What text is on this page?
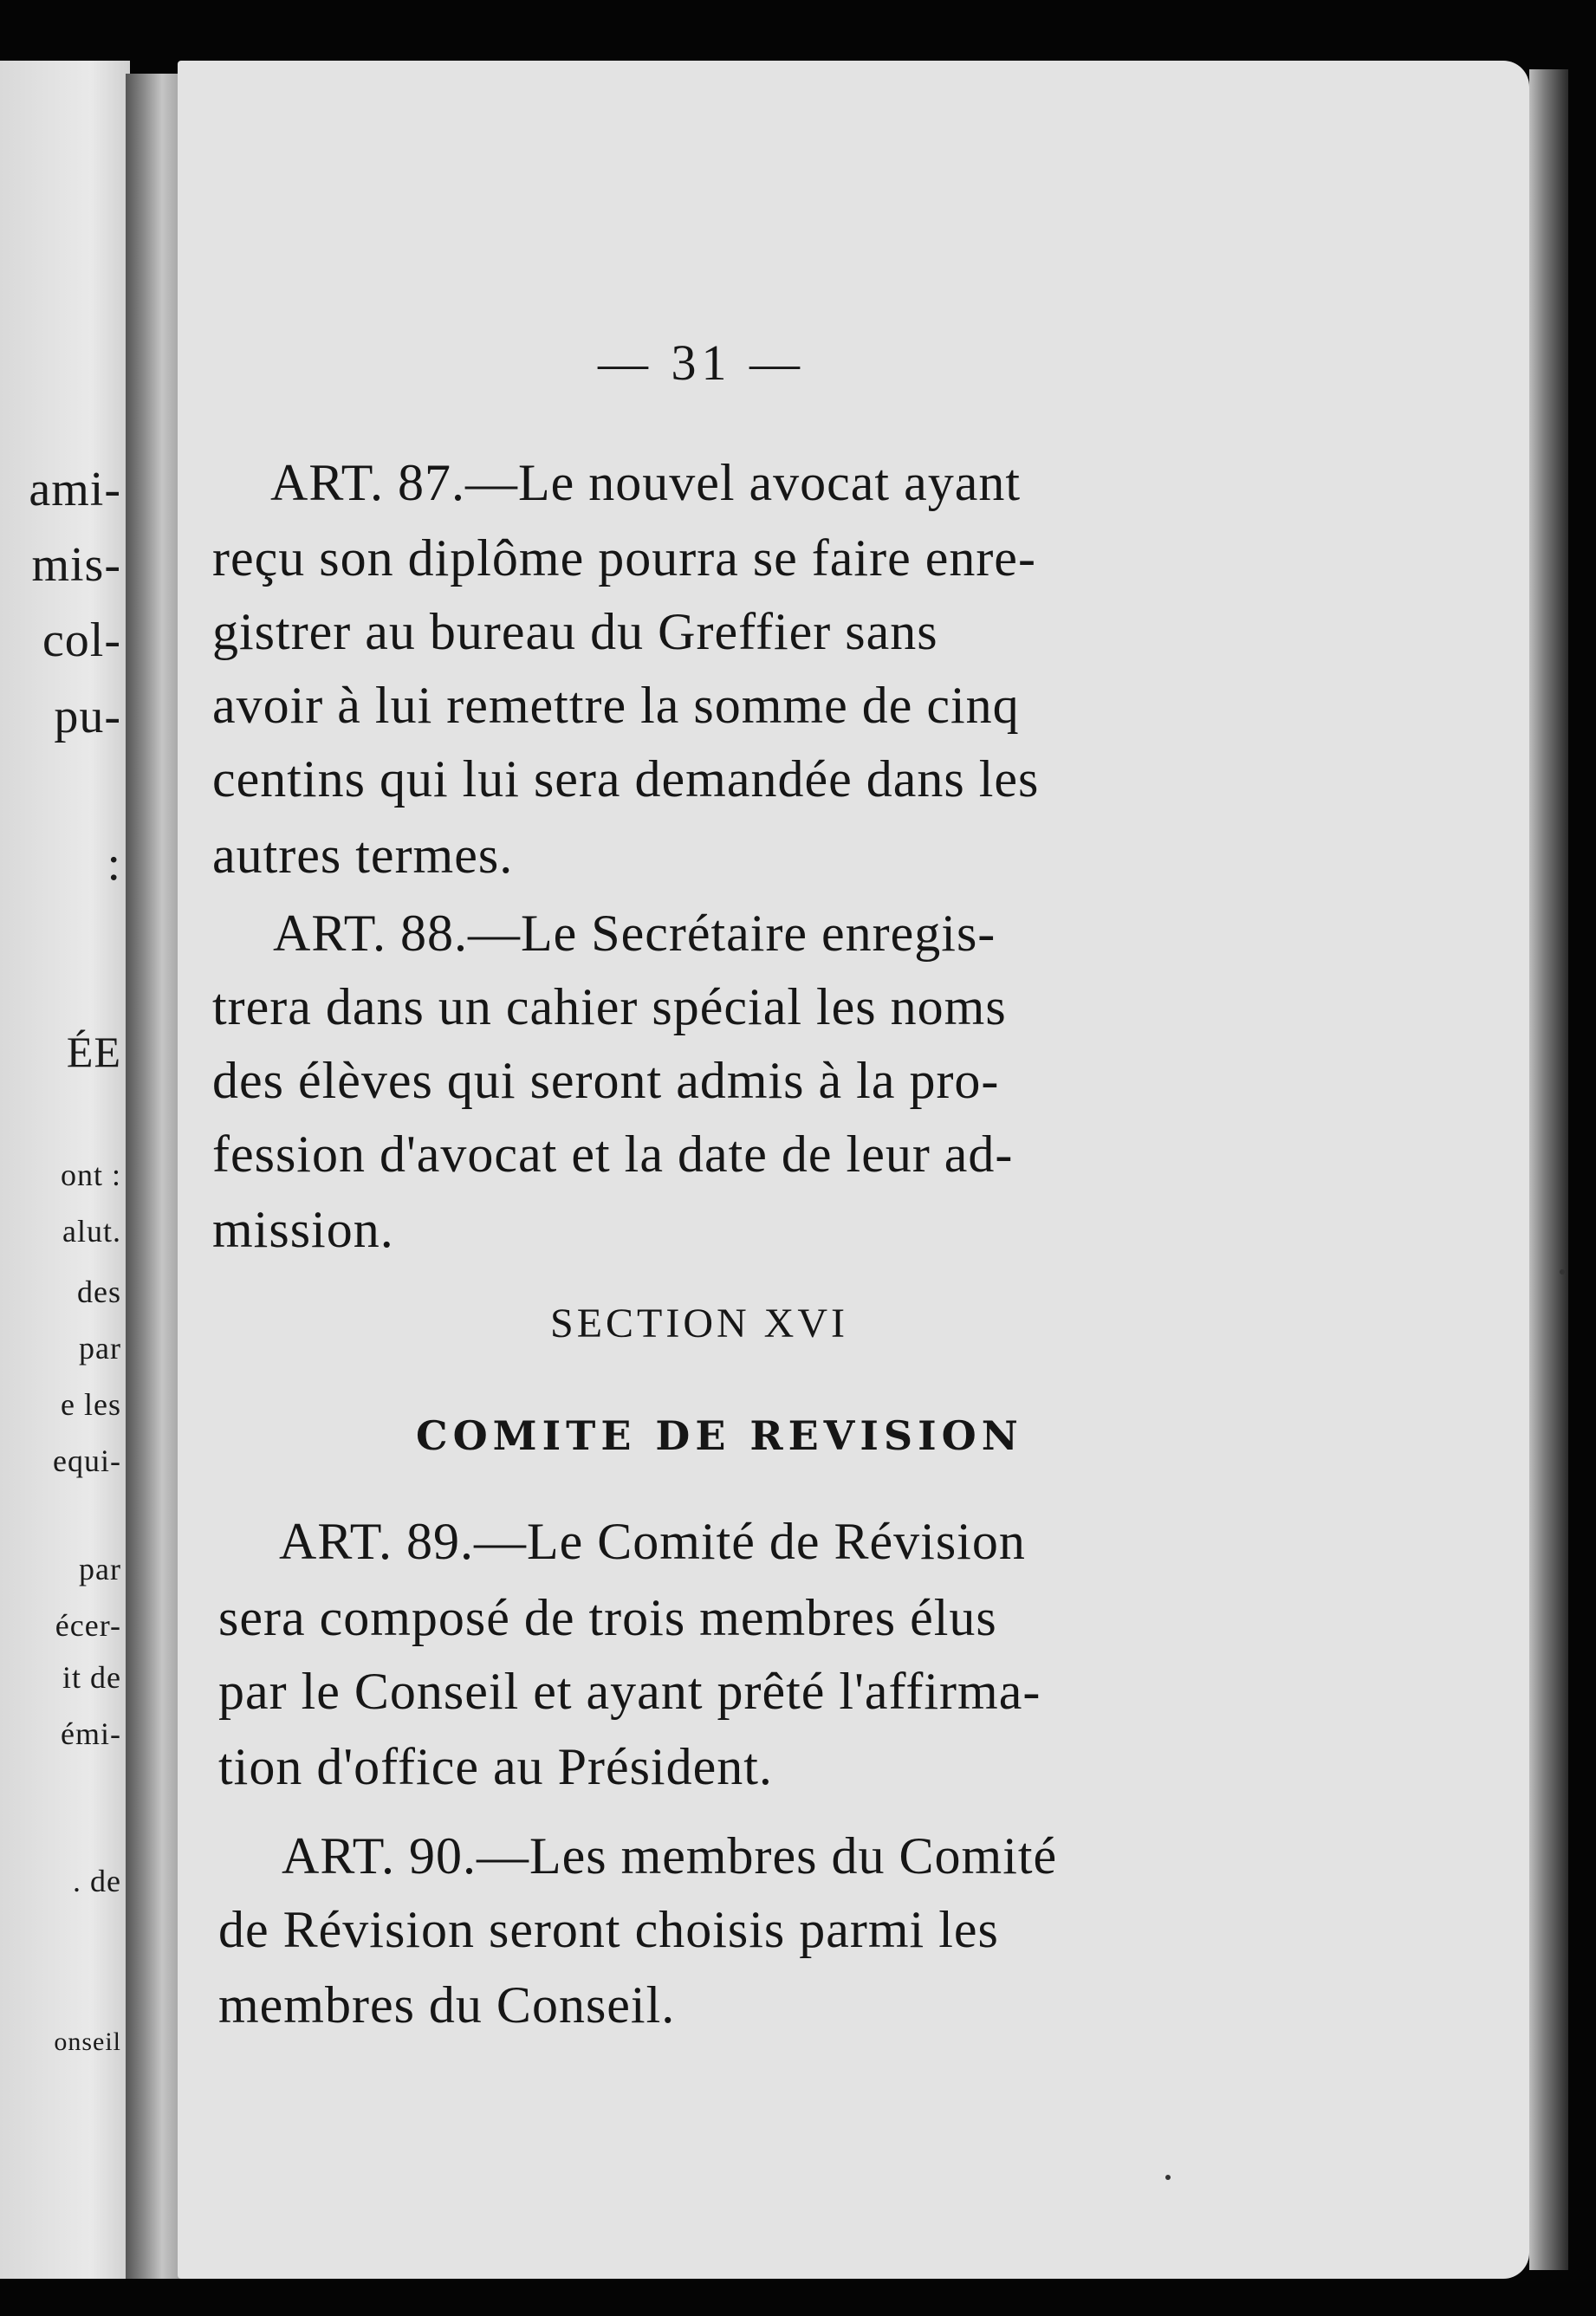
ami-
mis-
col-
pu-
:
ÉE
ont :
alut.
des
par
e les
equi-
par
écer-
it de
émi-
. de
onseil
— 31 —
ART. 87.—Le nouvel avocat ayant
reçu son diplôme pourra se faire enre-
gistrer au bureau du Greffier sans
avoir à lui remettre la somme de cinq
centins qui lui sera demandée dans les
autres termes.
ART. 88.—Le Secrétaire enregis-
trera dans un cahier spécial les noms
des élèves qui seront admis à la pro-
fession d'avocat et la date de leur ad-
mission.
SECTION XVI
COMITE DE REVISION
ART. 89.—Le Comité de Révision
sera composé de trois membres élus
par le Conseil et ayant prêté l'affirma-
tion d'office au Président.
ART. 90.—Les membres du Comité
de Révision seront choisis parmi les
membres du Conseil.
